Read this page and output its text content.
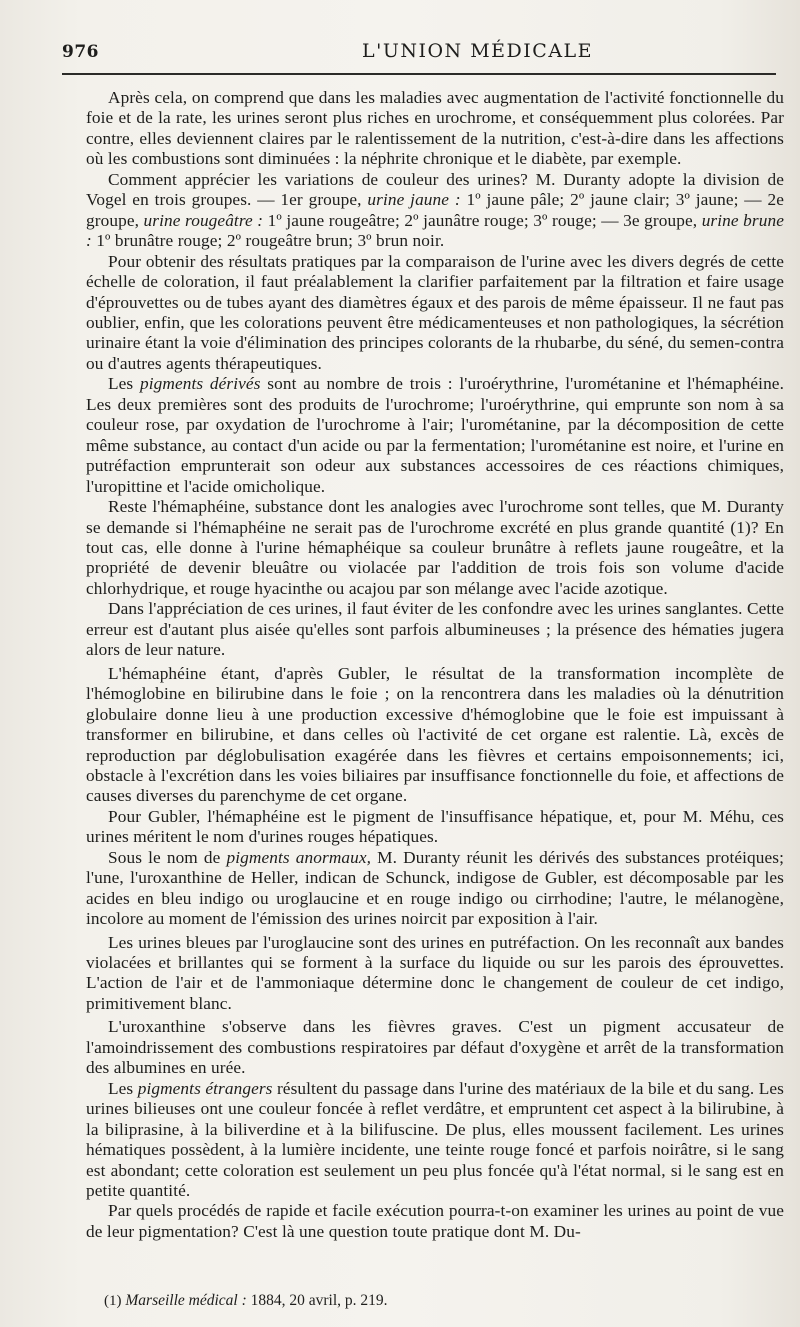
976	L'UNION MÉDICALE

Après cela, on comprend que dans les maladies avec augmentation de l'activité fonctionnelle du foie et de la rate, les urines seront plus riches en urochrome, et conséquemment plus colorées. Par contre, elles deviennent claires par le ralentissement de la nutrition, c'est-à-dire dans les affections où les combustions sont diminuées : la néphrite chronique et le diabète, par exemple.

Comment apprécier les variations de couleur des urines? M. Duranty adopte la division de Vogel en trois groupes. — 1er groupe, urine jaune : 1º jaune pâle; 2º jaune clair; 3º jaune; — 2e groupe, urine rougeâtre : 1º jaune rougeâtre; 2º jaunâtre rouge; 3º rouge; — 3e groupe, urine brune : 1º brunâtre rouge; 2º rougeâtre brun; 3º brun noir.

Pour obtenir des résultats pratiques par la comparaison de l'urine avec les divers degrés de cette échelle de coloration, il faut préalablement la clarifier parfaitement par la filtration et faire usage d'éprouvettes ou de tubes ayant des diamètres égaux et des parois de même épaisseur. Il ne faut pas oublier, enfin, que les colorations peuvent être médicamenteuses et non pathologiques, la sécrétion urinaire étant la voie d'élimination des principes colorants de la rhubarbe, du séné, du semen-contra ou d'autres agents thérapeutiques.

Les pigments dérivés sont au nombre de trois : l'uroérythrine, l'urométanine et l'hémaphéine. Les deux premières sont des produits de l'urochrome; l'uroérythrine, qui emprunte son nom à sa couleur rose, par oxydation de l'urochrome à l'air; l'urométanine, par la décomposition de cette même substance, au contact d'un acide ou par la fermentation; l'urométanine est noire, et l'urine en putréfaction emprunterait son odeur aux substances accessoires de ces réactions chimiques, l'uropittine et l'acide omicholique.

Reste l'hémaphéine, substance dont les analogies avec l'urochrome sont telles, que M. Duranty se demande si l'hémaphéine ne serait pas de l'urochrome excrété en plus grande quantité (1)? En tout cas, elle donne à l'urine hémaphéique sa couleur brunâtre à reflets jaune rougeâtre, et la propriété de devenir bleuâtre ou violacée par l'addition de trois fois son volume d'acide chlorhydrique, et rouge hyacinthe ou acajou par son mélange avec l'acide azotique.

Dans l'appréciation de ces urines, il faut éviter de les confondre avec les urines sanglantes. Cette erreur est d'autant plus aisée qu'elles sont parfois albumineuses ; la présence des hématies jugera alors de leur nature.

L'hémaphéine étant, d'après Gubler, le résultat de la transformation incomplète de l'hémoglobine en bilirubine dans le foie ; on la rencontrera dans les maladies où la dénutrition globulaire donne lieu à une production excessive d'hémoglobine que le foie est impuissant à transformer en bilirubine, et dans celles où l'activité de cet organe est ralentie. Là, excès de reproduction par déglobulisation exagérée dans les fièvres et certains empoisonnements; ici, obstacle à l'excrétion dans les voies biliaires par insuffisance fonctionnelle du foie, et affections de causes diverses du parenchyme de cet organe.

Pour Gubler, l'hémaphéine est le pigment de l'insuffisance hépatique, et, pour M. Méhu, ces urines méritent le nom d'urines rouges hépatiques.

Sous le nom de pigments anormaux, M. Duranty réunit les dérivés des substances protéiques; l'une, l'uroxanthine de Heller, indican de Schunck, indigose de Gubler, est décomposable par les acides en bleu indigo ou uroglaucine et en rouge indigo ou cirrhodine; l'autre, le mélanogène, incolore au moment de l'émission des urines noircit par exposition à l'air.

Les urines bleues par l'uroglaucine sont des urines en putréfaction. On les reconnaît aux bandes violacées et brillantes qui se forment à la surface du liquide ou sur les parois des éprouvettes. L'action de l'air et de l'ammoniaque détermine donc le changement de couleur de cet indigo, primitivement blanc.

L'uroxanthine s'observe dans les fièvres graves. C'est un pigment accusateur de l'amoindrissement des combustions respiratoires par défaut d'oxygène et arrêt de la transformation des albumines en urée.

Les pigments étrangers résultent du passage dans l'urine des matériaux de la bile et du sang. Les urines bilieuses ont une couleur foncée à reflet verdâtre, et empruntent cet aspect à la bilirubine, à la biliprasine, à la biliverdine et à la bilifuscine. De plus, elles moussent facilement. Les urines hématiques possèdent, à la lumière incidente, une teinte rouge foncé et parfois noirâtre, si le sang est abondant; cette coloration est seulement un peu plus foncée qu'à l'état normal, si le sang est en petite quantité.

Par quels procédés de rapide et facile exécution pourra-t-on examiner les urines au point de vue de leur pigmentation? C'est là une question toute pratique dont M. Du-

(1) Marseille médical : 1884, 20 avril, p. 219.
